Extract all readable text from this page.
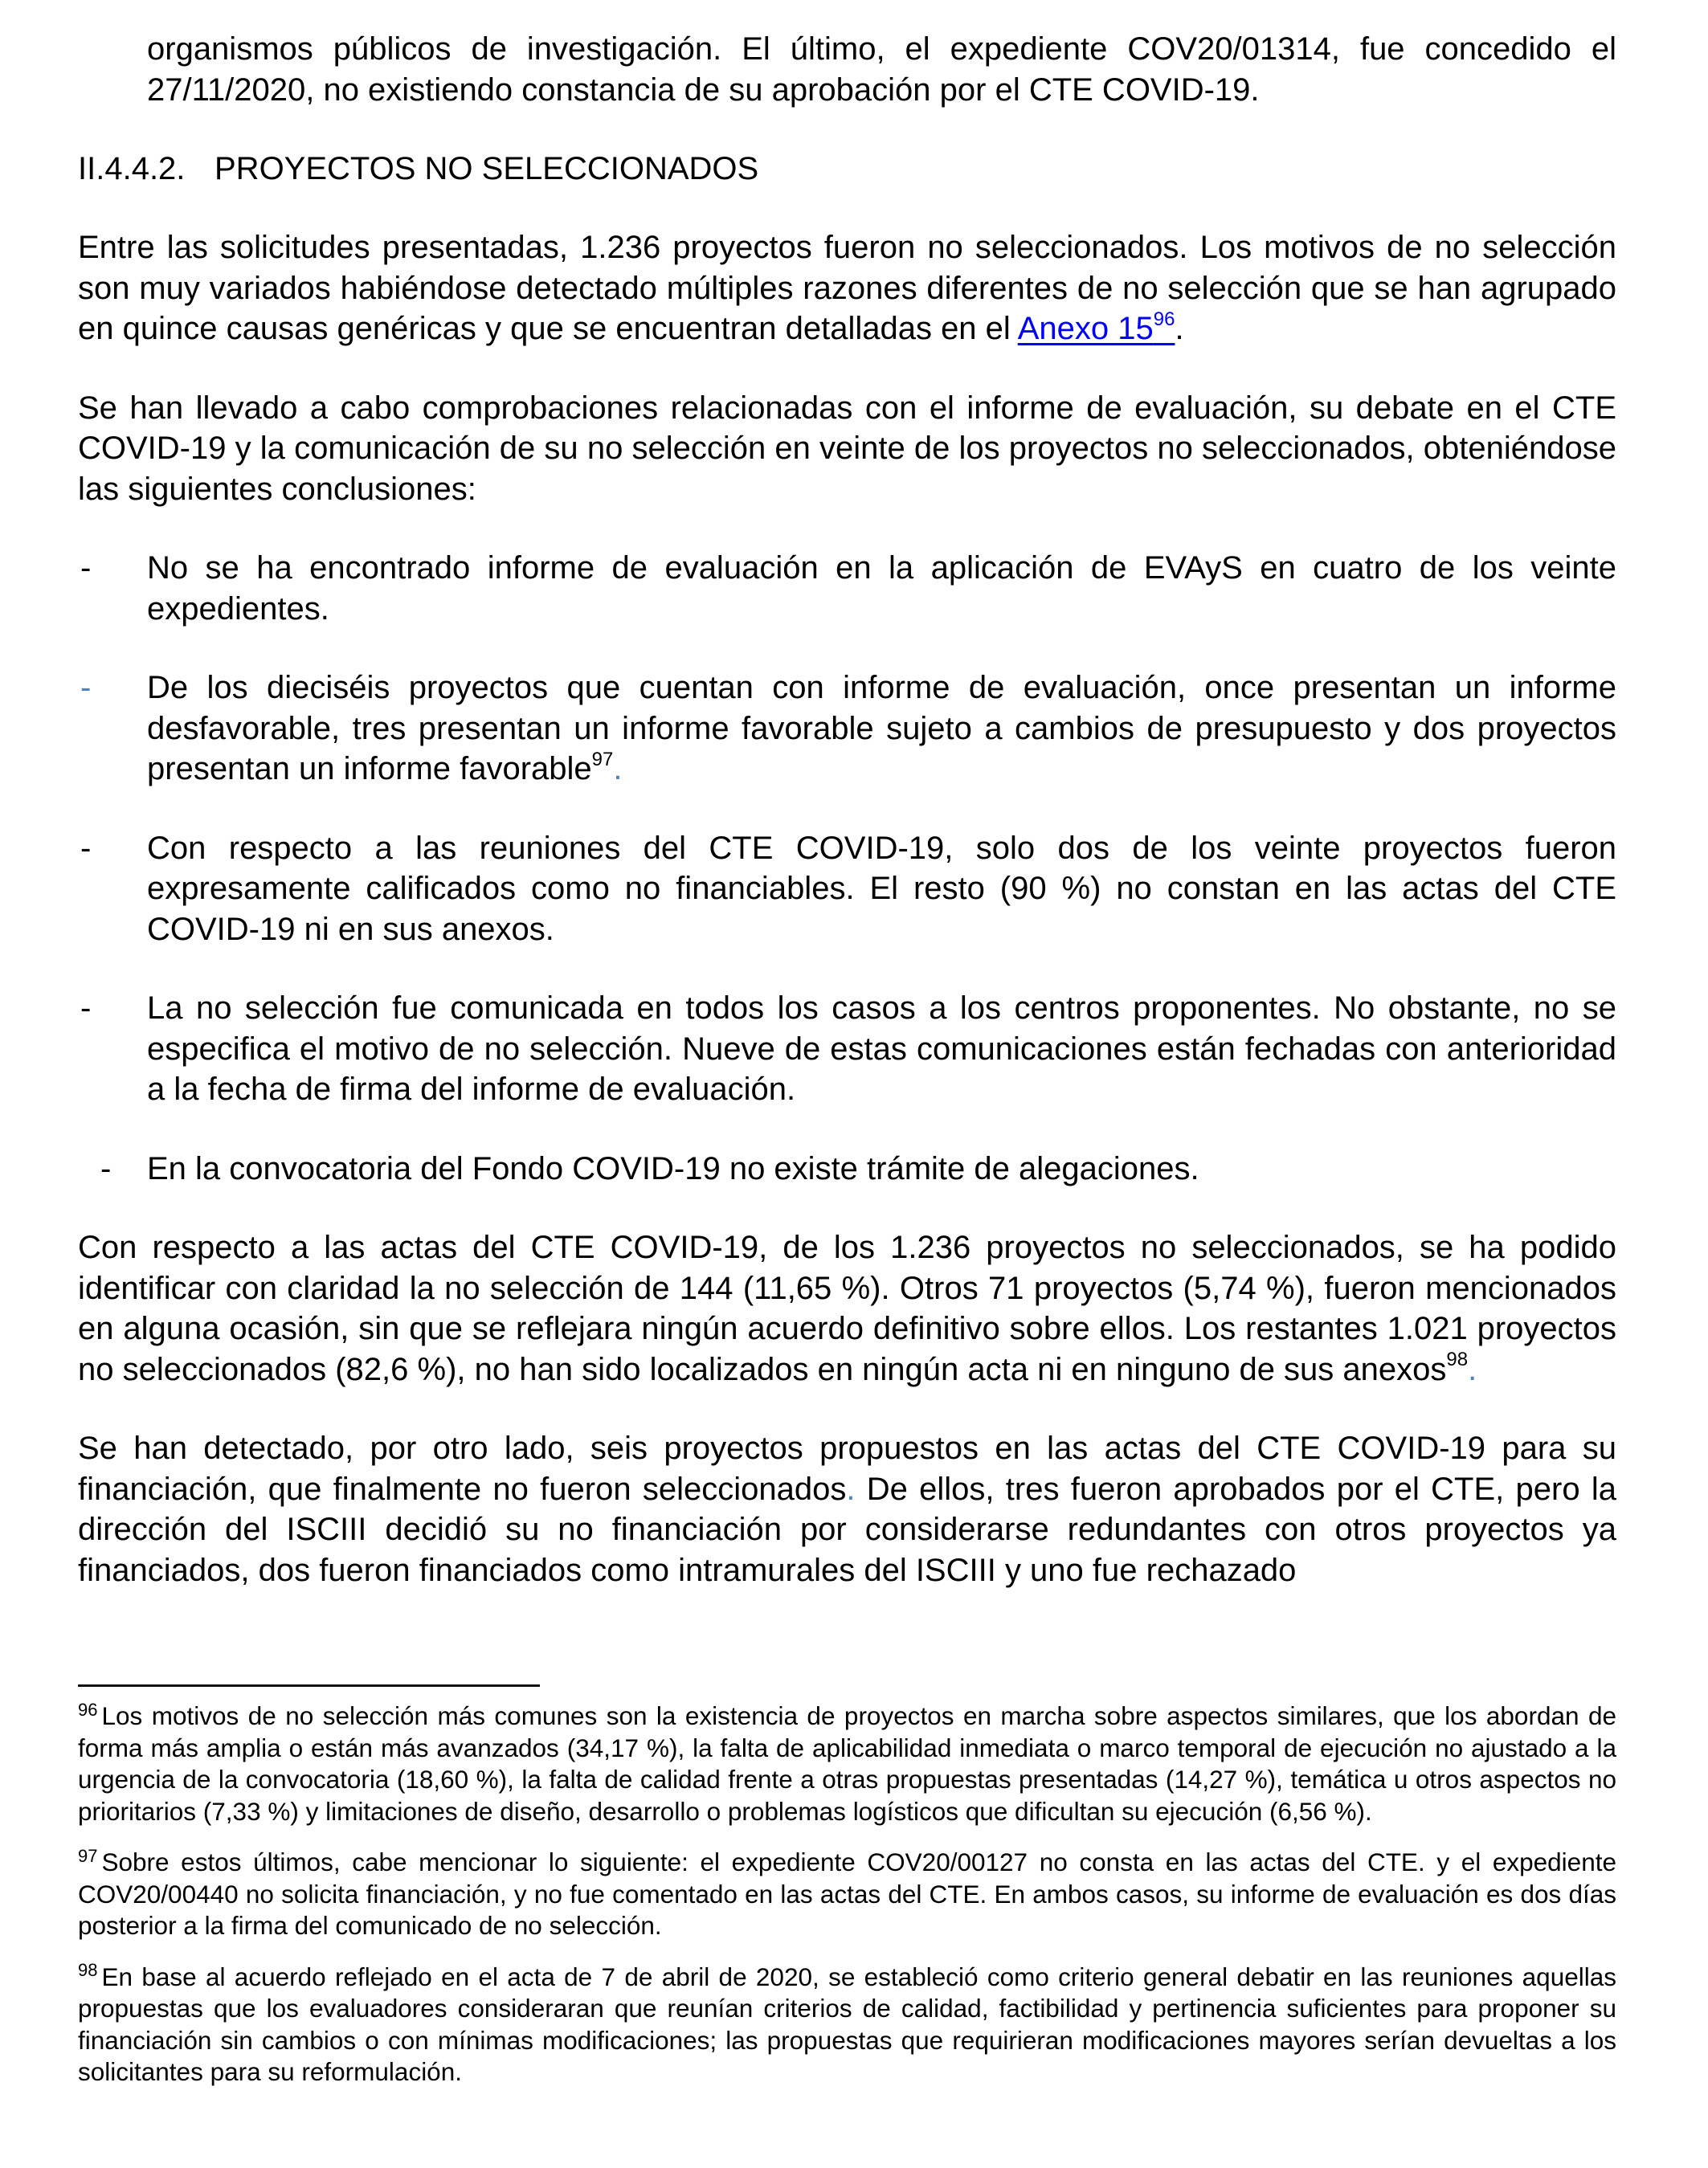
organismos públicos de investigación. El último, el expediente COV20/01314, fue concedido el 27/11/2020, no existiendo constancia de su aprobación por el CTE COVID-19.

II.4.4.2. PROYECTOS NO SELECCIONADOS

Entre las solicitudes presentadas, 1.236 proyectos fueron no seleccionados. Los motivos de no selección son muy variados habiéndose detectado múltiples razones diferentes de no selección que se han agrupado en quince causas genéricas y que se encuentran detalladas en el Anexo 15$^{96}$.

Se han llevado a cabo comprobaciones relacionadas con el informe de evaluación, su debate en el CTE COVID-19 y la comunicación de su no selección en veinte de los proyectos no seleccionados, obteniéndose las siguientes conclusiones:

-	No se ha encontrado informe de evaluación en la aplicación de EVAyS en cuatro de los veinte expedientes.
-	De los dieciséis proyectos que cuentan con informe de evaluación, once presentan un informe desfavorable, tres presentan un informe favorable sujeto a cambios de presupuesto y dos proyectos presentan un informe favorable$^{97}$.
-	Con respecto a las reuniones del CTE COVID-19, solo dos de los veinte proyectos fueron expresamente calificados como no financiables. El resto (90 %) no constan en las actas del CTE COVID-19 ni en sus anexos.
-	La no selección fue comunicada en todos los casos a los centros proponentes. No obstante, no se especifica el motivo de no selección. Nueve de estas comunicaciones están fechadas con anterioridad a la fecha de firma del informe de evaluación.
-	En la convocatoria del Fondo COVID-19 no existe trámite de alegaciones.

Con respecto a las actas del CTE COVID-19, de los 1.236 proyectos no seleccionados, se ha podido identificar con claridad la no selección de 144 (11,65 %). Otros 71 proyectos (5,74 %), fueron mencionados en alguna ocasión, sin que se reflejara ningún acuerdo definitivo sobre ellos. Los restantes 1.021 proyectos no seleccionados (82,6 %), no han sido localizados en ningún acta ni en ninguno de sus anexos$^{98}$.

Se han detectado, por otro lado, seis proyectos propuestos en las actas del CTE COVID-19 para su financiación, que finalmente no fueron seleccionados. De ellos, tres fueron aprobados por el CTE, pero la dirección del ISCIII decidió su no financiación por considerarse redundantes con otros proyectos ya financiados, dos fueron financiados como intramurales del ISCIII y uno fue rechazado

$^{96}$ Los motivos de no selección más comunes son la existencia de proyectos en marcha sobre aspectos similares, que los abordan de forma más amplia o están más avanzados (34,17 %), la falta de aplicabilidad inmediata o marco temporal de ejecución no ajustado a la urgencia de la convocatoria (18,60 %), la falta de calidad frente a otras propuestas presentadas (14,27 %), temática u otros aspectos no prioritarios (7,33 %) y limitaciones de diseño, desarrollo o problemas logísticos que dificultan su ejecución (6,56 %).

$^{97}$ Sobre estos últimos, cabe mencionar lo siguiente: el expediente COV20/00127 no consta en las actas del CTE. y el expediente COV20/00440 no solicita financiación, y no fue comentado en las actas del CTE. En ambos casos, su informe de evaluación es dos días posterior a la firma del comunicado de no selección.

$^{98}$ En base al acuerdo reflejado en el acta de 7 de abril de 2020, se estableció como criterio general debatir en las reuniones aquellas propuestas que los evaluadores consideraran que reunían criterios de calidad, factibilidad y pertinencia suficientes para proponer su financiación sin cambios o con mínimas modificaciones; las propuestas que requirieran modificaciones mayores serían devueltas a los solicitantes para su reformulación.
